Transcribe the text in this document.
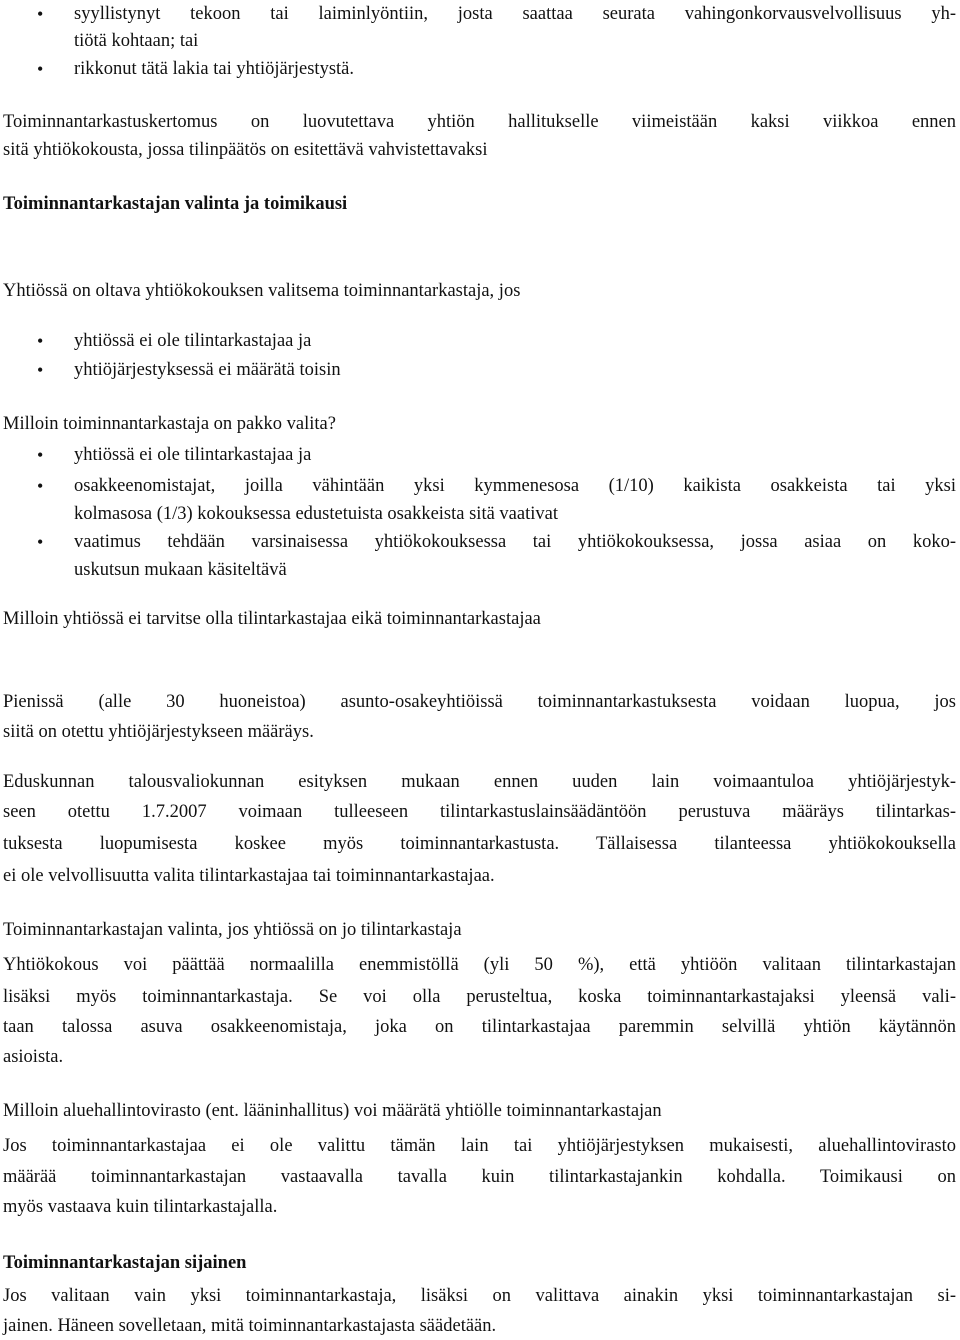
• syyllistynyt tekoon tai laiminlyöntiin, josta saattaa seurata vahingonkorvausvelvollisuus yh-
tiötä kohtaan; tai
• rikkonut tätä lakia tai yhtiöjärjestystä.
Toiminnantarkastuskertomus on luovutettava yhtiön hallitukselle viimeistään kaksi viikkoa ennen
sitä yhtiökokousta, jossa tilinpäätös on esitettävä vahvistettavaksi
Toiminnantarkastajan valinta ja toimikausi
Yhtiössä on oltava yhtiökokouksen valitsema toiminnantarkastaja, jos
• yhtiössä ei ole tilintarkastajaa ja
• yhtiöjärjestyksessä ei määrätä toisin
Milloin toiminnantarkastaja on pakko valita?
• yhtiössä ei ole tilintarkastajaa ja
• osakkeenomistajat, joilla vähintään yksi kymmenesosa (1/10) kaikista osakkeista tai yksi
kolmasosa (1/3) kokouksessa edustetuista osakkeista sitä vaativat
• vaatimus tehdään varsinaisessa yhtiökokouksessa tai yhtiökokouksessa, jossa asiaa on koko-
uskutsun mukaan käsiteltävä
Milloin yhtiössä ei tarvitse olla tilintarkastajaa eikä toiminnantarkastajaa
Pienissä (alle 30 huoneistoa) asunto-osakeyhtiöissä toiminnantarkastuksesta voidaan luopua, jos
siitä on otettu yhtiöjärjestykseen määräys.
Eduskunnan talousvaliokunnan esityksen mukaan ennen uuden lain voimaantuloa yhtiöjärjestyk-
seen otettu 1.7.2007 voimaan tulleeseen tilintarkastuslainsäädäntöön perustuva määräys tilintarkas-
tuksesta luopumisesta koskee myös toiminnantarkastusta. Tällaisessa tilanteessa yhtiökokouksella
ei ole velvollisuutta valita tilintarkastajaa tai toiminnantarkastajaa.
Toiminnantarkastajan valinta, jos yhtiössä on jo tilintarkastaja
Yhtiökokous voi päättää normaalilla enemmistöllä (yli 50 %), että yhtiöön valitaan tilintarkastajan
lisäksi myös toiminnantarkastaja. Se voi olla perusteltua, koska toiminnantarkastajaksi yleensä vali-
taan talossa asuva osakkeenomistaja, joka on tilintarkastajaa paremmin selvillä yhtiön käytännön
asioista.
Milloin aluehallintovirasto (ent. lääninhallitus) voi määrätä yhtiölle toiminnantarkastajan
Jos toiminnantarkastajaa ei ole valittu tämän lain tai yhtiöjärjestyksen mukaisesti, aluehallintovirasto
määrää toiminnantarkastajan vastaavalla tavalla kuin tilintarkastajankin kohdalla. Toimikausi on
myös vastaava kuin tilintarkastajalla.
Toiminnantarkastajan sijainen
Jos valitaan vain yksi toiminnantarkastaja, lisäksi on valittava ainakin yksi toiminnantarkastajan si-
jainen. Häneen sovelletaan, mitä toiminnantarkastajasta säädetään.
